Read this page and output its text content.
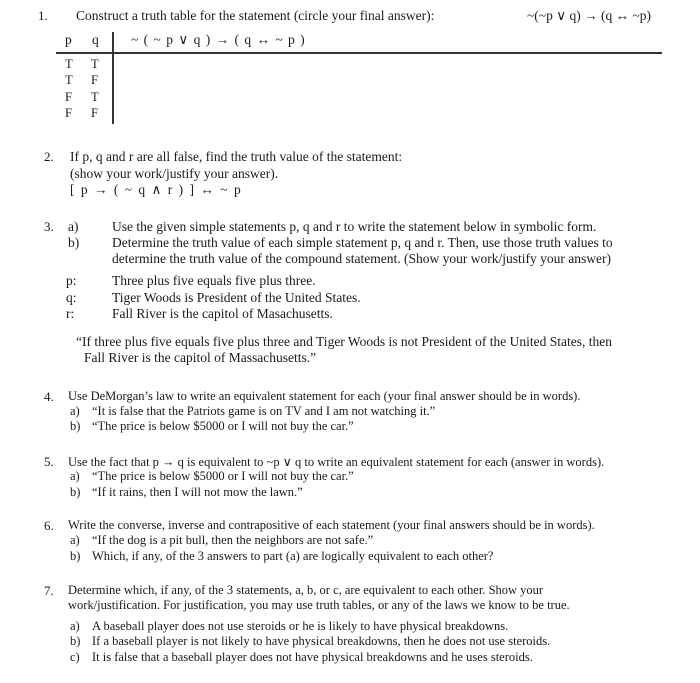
1. Construct a truth table for the statement (circle your final answer):	~(~p ∨ q) → (q ↔ ~p)
p q ~ ( ~ p ∨ q ) → ( q ↔ ~ p )
T T
T F
F T
F F
2. If p, q and r are all false, find the truth value of the statement:
(show your work/justify your answer).
[ p → ( ~ q ∧ r ) ] ↔ ~ p
3. a) Use the given simple statements p, q and r to write the statement below in symbolic form.
b) Determine the truth value of each simple statement p, q and r. Then, use those truth values to
determine the truth value of the compound statement. (Show your work/justify your answer)
p:	Three plus five equals five plus three.
q:	Tiger Woods is President of the United States.
r:	Fall River is the capitol of Masachusetts.
“If three plus five equals five plus three and Tiger Woods is not President of the United States, then
Fall River is the capitol of Massachusetts.”
4. Use DeMorgan’s law to write an equivalent statement for each (your final answer should be in words).
a) “It is false that the Patriots game is on TV and I am not watching it.”
b) “The price is below $5000 or I will not buy the car.”
5. Use the fact that p → q is equivalent to ~p ∨ q to write an equivalent statement for each (answer in words).
a) “The price is below $5000 or I will not buy the car.”
b) “If it rains, then I will not mow the lawn.”
6. Write the converse, inverse and contrapositive of each statement (your final answers should be in words).
a) “If the dog is a pit bull, then the neighbors are not safe.”
b) Which, if any, of the 3 answers to part (a) are logically equivalent to each other?
7. Determine which, if any, of the 3 statements, a, b, or c, are equivalent to each other. Show your
work/justification. For justification, you may use truth tables, or any of the laws we know to be true.
a) A baseball player does not use steroids or he is likely to have physical breakdowns.
b) If a baseball player is not likely to have physical breakdowns, then he does not use steroids.
c) It is false that a baseball player does not have physical breakdowns and he uses steroids.
